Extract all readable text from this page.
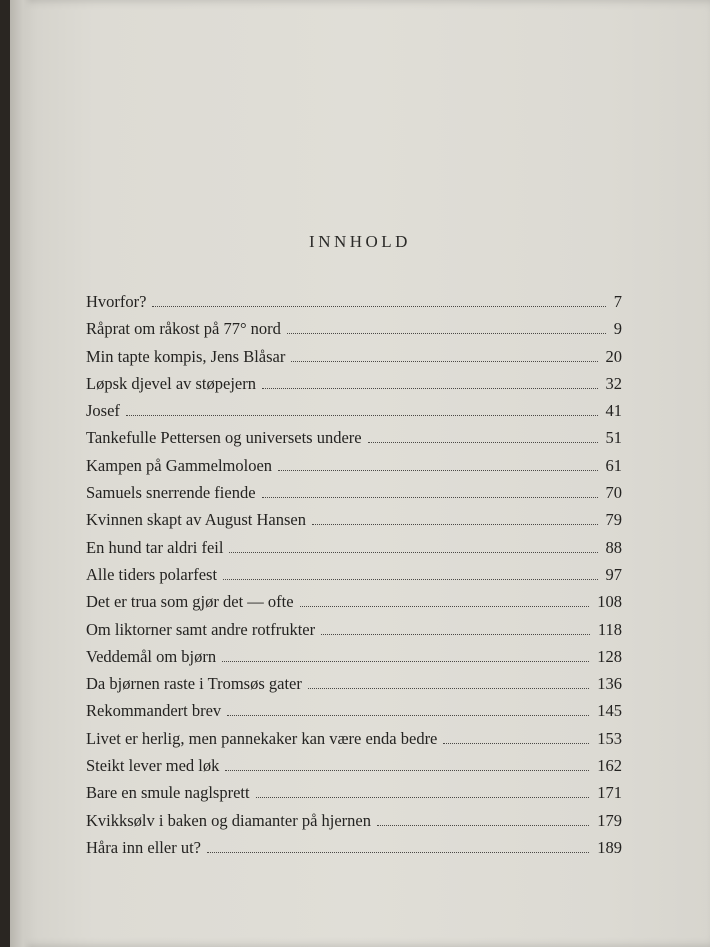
INNHOLD
Hvorfor?	7
Råprat om råkost på 77° nord	9
Min tapte kompis, Jens Blåsar	20
Løpsk djevel av støpejern	32
Josef	41
Tankefulle Pettersen og universets undere	51
Kampen på Gammelmoloen	61
Samuels snerrende fiende	70
Kvinnen skapt av August Hansen	79
En hund tar aldri feil	88
Alle tiders polarfest	97
Det er trua som gjør det — ofte	108
Om liktorner samt andre rotfrukter	118
Veddemål om bjørn	128
Da bjørnen raste i Tromsøs gater	136
Rekommandert brev	145
Livet er herlig, men pannekaker kan være enda bedre	153
Steikt lever med løk	162
Bare en smule naglsprett	171
Kvikksølv i baken og diamanter på hjernen	179
Håra inn eller ut?	189
